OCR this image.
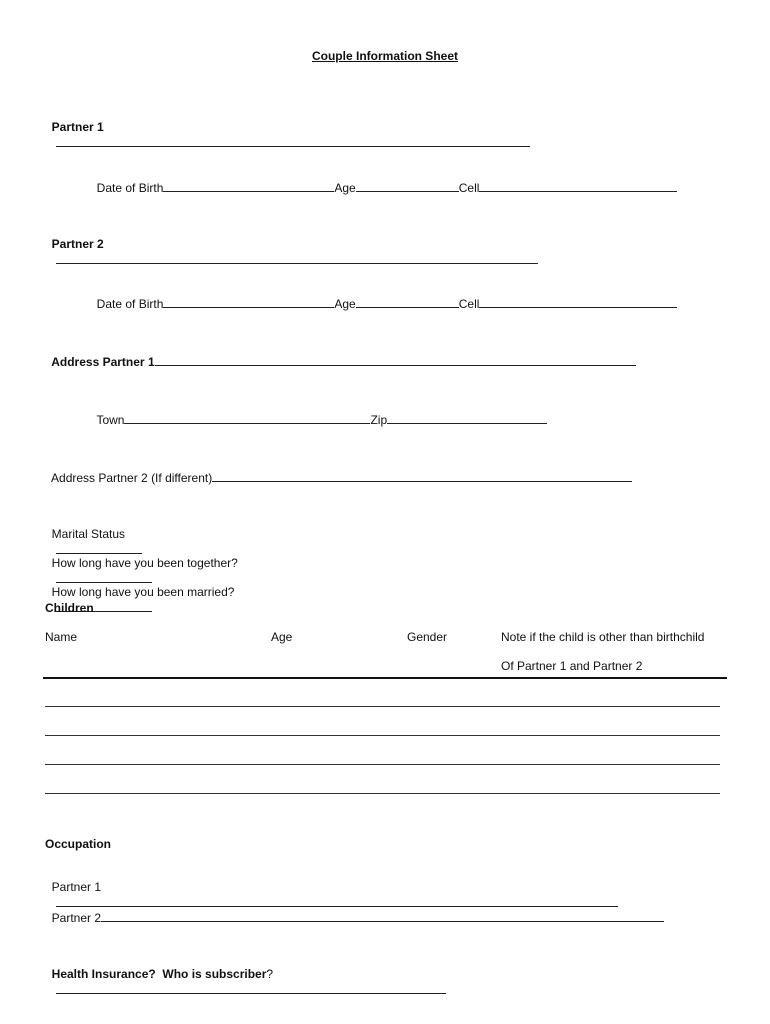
Couple Information Sheet

Partner 1

Date of Birth	Age	Cell

Partner 2

Date of Birth	Age	Cell

Address Partner 1

Town	Zip

Address Partner 2 (If different)

Marital Status

How long have you been together?

How long have you been married?

Children
Name	Age	Gender	Note if the child is other than birthchild
Of Partner 1 and Partner 2
Occupation

Partner 1

Partner 2

Health Insurance?  Who is subscriber?
